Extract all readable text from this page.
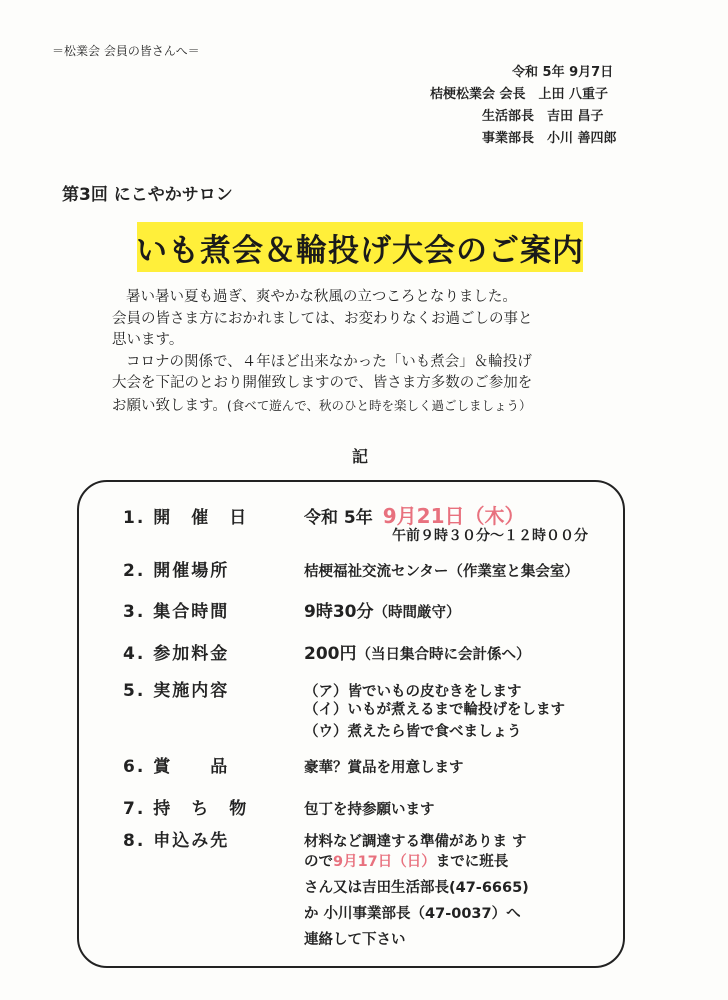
＝松業会 会員の皆さんへ＝
令和 5年 9月7日
桔梗松業会 会長　上田 八重子
生活部長　吉田 昌子
事業部長　小川 善四郎
第3回 にこやかサロン
いも煮会＆輪投げ大会のご案内

暑い暑い夏も過ぎ、爽やかな秋風の立つころとなりました。

会員の皆さま方におかれましては、お変わりなくお過ごしの事と

思います。

コロナの関係で、４年ほど出来なかった「いも煮会」＆輪投げ

大会を下記のとおり開催致しますので、皆さま方多数のご参加を

お願い致します。(食べて遊んで、秋のひと時を楽しく過ごしましょう）

記
1. 開　催　日	令和 5年 9月21日（木）
午前９時３０分～１２時００分
2. 開催場所	桔梗福祉交流センター（作業室と集会室）
3. 集合時間	9時30分（時間厳守）
4. 参加料金	200円（当日集合時に会計係へ）
5. 実施内容	（ア）皆でいもの皮むきをします
（イ）いもが煮えるまで輪投げをします
（ウ）煮えたら皆で食べましょう
6. 賞　　品	豪華？賞品を用意します
7. 持　ち　物	包丁を持参願います
8. 申込み先	材料など調達する準備がありま す
ので9月17日（日）までに班長
さん又は吉田生活部長(47-6665)
か 小川事業部長（47-0037）へ
連絡して下さい
